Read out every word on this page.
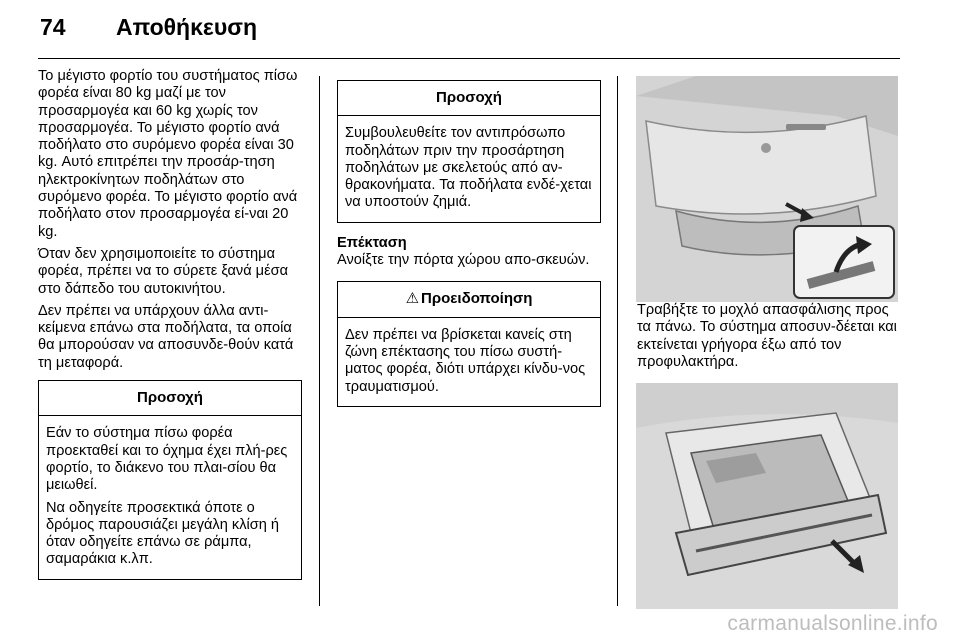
74 Αποθήκευση

Το μέγιστο φορτίο του συστήματος πίσω φορέα είναι 80 kg μαζί με τον προσαρμογέα και 60 kg χωρίς τον προσαρμογέα. Το μέγιστο φορτίο ανά ποδήλατο στο συρόμενο φορέα είναι 30 kg. Αυτό επιτρέπει την προσάρ-τηση ηλεκτροκίνητων ποδηλάτων στο συρόμενο φορέα. Το μέγιστο φορτίο ανά ποδήλατο στον προσαρμογέα εί-ναι 20 kg.

Όταν δεν χρησιμοποιείτε το σύστημα φορέα, πρέπει να το σύρετε ξανά μέσα στο δάπεδο του αυτοκινήτου.

Δεν πρέπει να υπάρχουν άλλα αντι-κείμενα επάνω στα ποδήλατα, τα οποία θα μπορούσαν να αποσυνδε-θούν κατά τη μεταφορά.

Προσοχή

Εάν το σύστημα πίσω φορέα προεκταθεί και το όχημα έχει πλή-ρες φορτίο, το διάκενο του πλαι-σίου θα μειωθεί.

Να οδηγείτε προσεκτικά όποτε ο δρόμος παρουσιάζει μεγάλη κλίση ή όταν οδηγείτε επάνω σε ράμπα, σαμαράκια κ.λπ.

Προσοχή

Συμβουλευθείτε τον αντιπρόσωπο ποδηλάτων πριν την προσάρτηση ποδηλάτων με σκελετούς από αν-θρακονήματα. Τα ποδήλατα ενδέ-χεται να υποστούν ζημιά.

Επέκταση

Ανοίξτε την πόρτα χώρου απο-σκευών.

⚠ Προειδοποίηση

Δεν πρέπει να βρίσκεται κανείς στη ζώνη επέκτασης του πίσω συστή-ματος φορέα, διότι υπάρχει κίνδυ-νος τραυματισμού.

Τραβήξτε το μοχλό απασφάλισης προς τα πάνω. Το σύστημα αποσυν-δέεται και εκτείνεται γρήγορα έξω από τον προφυλακτήρα.
carmanualsonline.info
